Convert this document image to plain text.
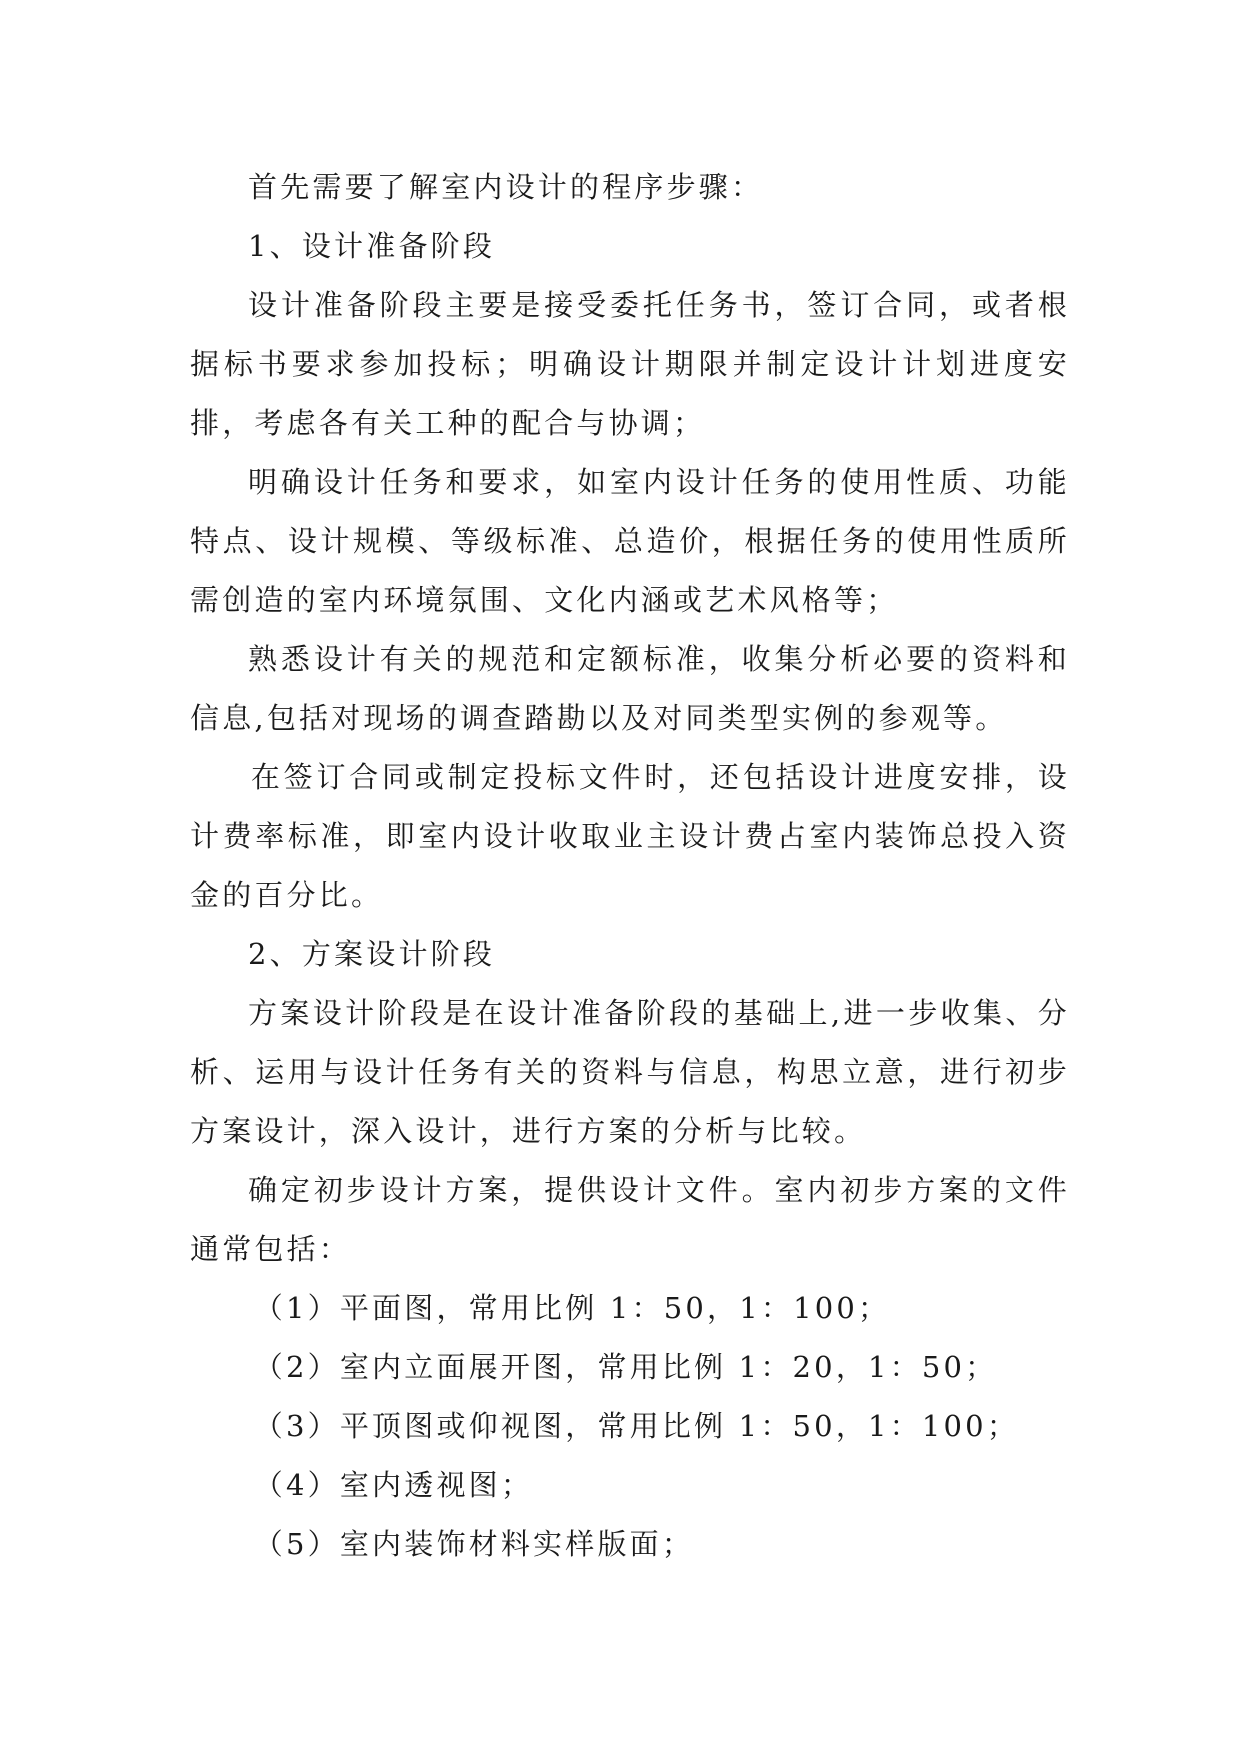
首先需要了解室内设计的程序步骤：

1、设计准备阶段

设计准备阶段主要是接受委托任务书，签订合同，或者根据标书要求参加投标；明确设计期限并制定设计计划进度安排，考虑各有关工种的配合与协调；

明确设计任务和要求，如室内设计任务的使用性质、功能特点、设计规模、等级标准、总造价，根据任务的使用性质所需创造的室内环境氛围、文化内涵或艺术风格等；

熟悉设计有关的规范和定额标准，收集分析必要的资料和信息,包括对现场的调查踏勘以及对同类型实例的参观等。

在签订合同或制定投标文件时，还包括设计进度安排，设计费率标准，即室内设计收取业主设计费占室内装饰总投入资金的百分比。

2、方案设计阶段

方案设计阶段是在设计准备阶段的基础上,进一步收集、分析、运用与设计任务有关的资料与信息，构思立意，进行初步方案设计，深入设计，进行方案的分析与比较。

确定初步设计方案，提供设计文件。室内初步方案的文件通常包括：

（1）平面图，常用比例 1：50，1：100；

（2）室内立面展开图，常用比例 1：20，1：50；

（3）平顶图或仰视图，常用比例 1：50，1：100；

（4）室内透视图；

（5）室内装饰材料实样版面；
